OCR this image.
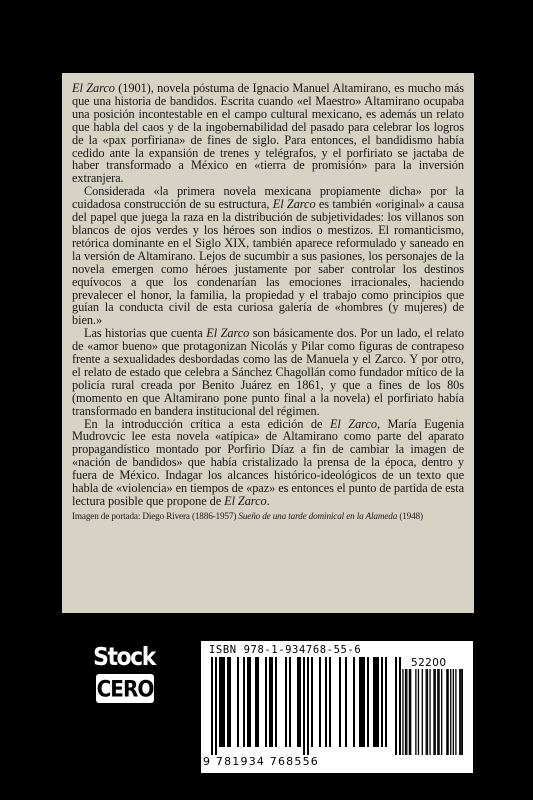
El Zarco (1901), novela póstuma de Ignacio Manuel Altamirano, es mucho más que una historia de bandidos. Escrita cuando «el Maestro» Altamirano ocupaba una posición incontestable en el campo cultural mexicano, es además un relato que habla del caos y de la ingobernabilidad del pasado para celebrar los logros de la «pax porfiriana» de fines de siglo. Para entonces, el bandidismo había cedido ante la expansión de trenes y telégrafos, y el porfiriato se jactaba de haber transformado a México en «tierra de promisión» para la inversión extranjera.

Considerada «la primera novela mexicana propiamente dicha» por la cuidadosa construcción de su estructura, El Zarco es también «original» a causa del papel que juega la raza en la distribución de subjetividades: los villanos son blancos de ojos verdes y los héroes son indios o mestizos. El romanticismo, retórica dominante en el Siglo XIX, también aparece reformulado y saneado en la versión de Altamirano. Lejos de sucumbir a sus pasiones, los personajes de la novela emergen como héroes justamente por saber controlar los destinos equívocos a que los condenarían las emociones irracionales, haciendo prevalecer el honor, la familia, la propiedad y el trabajo como principios que guían la conducta civil de esta curiosa galería de «hombres (y mujeres) de bien.»

Las historias que cuenta El Zarco son básicamente dos. Por un lado, el relato de «amor bueno» que protagonizan Nicolás y Pilar como figuras de contrapeso frente a sexualidades desbordadas como las de Manuela y el Zarco. Y por otro, el relato de estado que celebra a Sánchez Chagollán como fundador mítico de la policía rural creada por Benito Juárez en 1861, y que a fines de los 80s (momento en que Altamirano pone punto final a la novela) el porfiriato había transformado en bandera institucional del régimen.

En la introducción crítica a esta edición de El Zarco, María Eugenia Mudrovcic lee esta novela «atípica» de Altamirano como parte del aparato propagandístico montado por Porfirio Díaz a fin de cambiar la imagen de «nación de bandidos» que había cristalizado la prensa de la época, dentro y fuera de México. Indagar los alcances histórico-ideológicos de un texto que habla de «violencia» en tiempos de «paz» es entonces el punto de partida de esta lectura posible que propone de El Zarco.

Imagen de portada: Diego Rivera (1886-1957) Sueño de una tarde dominical en la Alameda (1948)
Stock
CERO
ISBN 978-1-934768-55-6
52200
9 781934 768556
